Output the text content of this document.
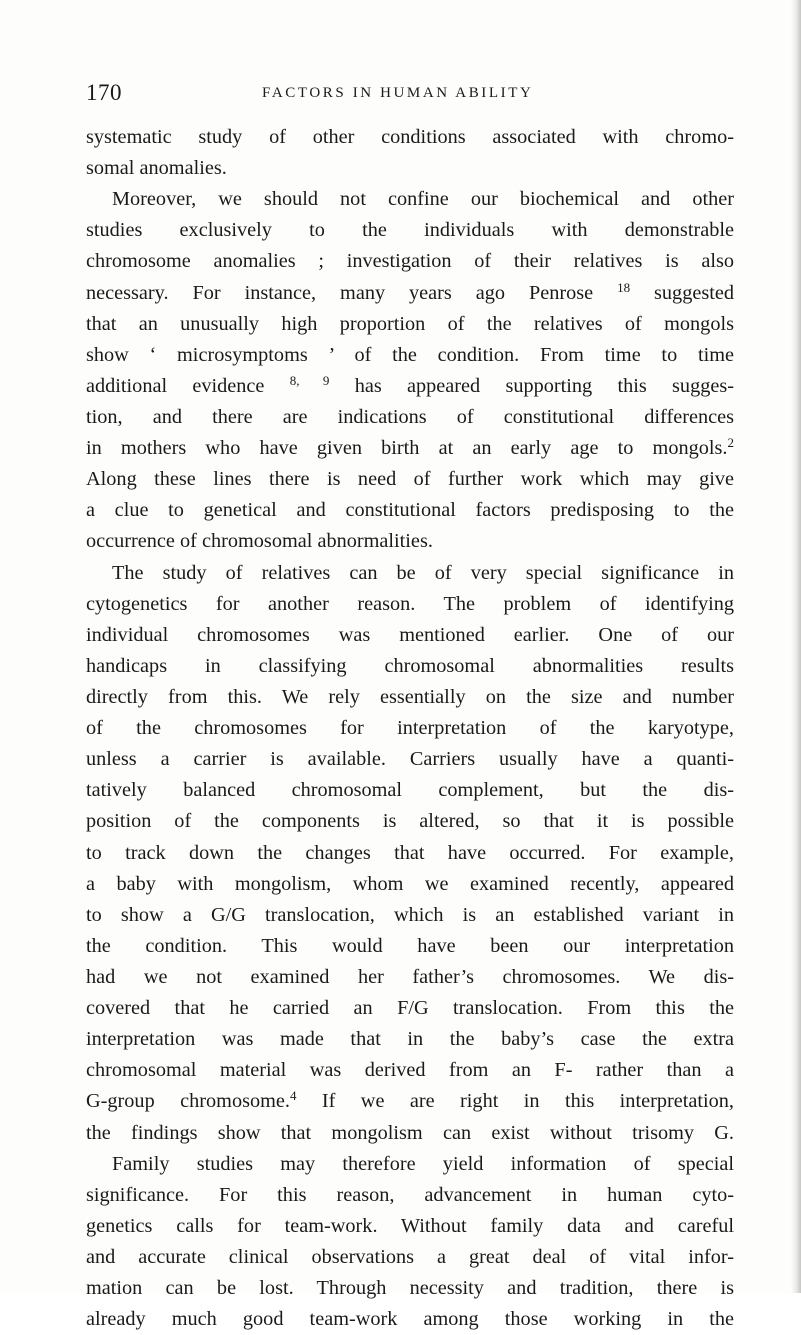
170	FACTORS IN HUMAN ABILITY
systematic study of other conditions associated with chromo-
somal anomalies.
Moreover, we should not confine our biochemical and other
studies exclusively to the individuals with demonstrable
chromosome anomalies ; investigation of their relatives is also
necessary. For instance, many years ago Penrose $^{18}$ suggested
that an unusually high proportion of the relatives of mongols
show ‘ microsymptoms ’ of the condition. From time to time
additional evidence $^{8, 9}$ has appeared supporting this sugges-
tion, and there are indications of constitutional differences
in mothers who have given birth at an early age to mongols.$^2$
Along these lines there is need of further work which may give
a clue to genetical and constitutional factors predisposing to the
occurrence of chromosomal abnormalities.
The study of relatives can be of very special significance in
cytogenetics for another reason. The problem of identifying
individual chromosomes was mentioned earlier. One of our
handicaps in classifying chromosomal abnormalities results
directly from this. We rely essentially on the size and number
of the chromosomes for interpretation of the karyotype,
unless a carrier is available. Carriers usually have a quanti-
tatively balanced chromosomal complement, but the dis-
position of the components is altered, so that it is possible
to track down the changes that have occurred. For example,
a baby with mongolism, whom we examined recently, appeared
to show a G/G translocation, which is an established variant in
the condition. This would have been our interpretation
had we not examined her father’s chromosomes. We dis-
covered that he carried an F/G translocation. From this the
interpretation was made that in the baby’s case the extra
chromosomal material was derived from an F- rather than a
G-group chromosome.$^4$ If we are right in this interpretation,
the findings show that mongolism can exist without trisomy G.
Family studies may therefore yield information of special
significance. For this reason, advancement in human cyto-
genetics calls for team-work. Without family data and careful
and accurate clinical observations a great deal of vital infor-
mation can be lost. Through necessity and tradition, there is
already much good team-work among those working in the
